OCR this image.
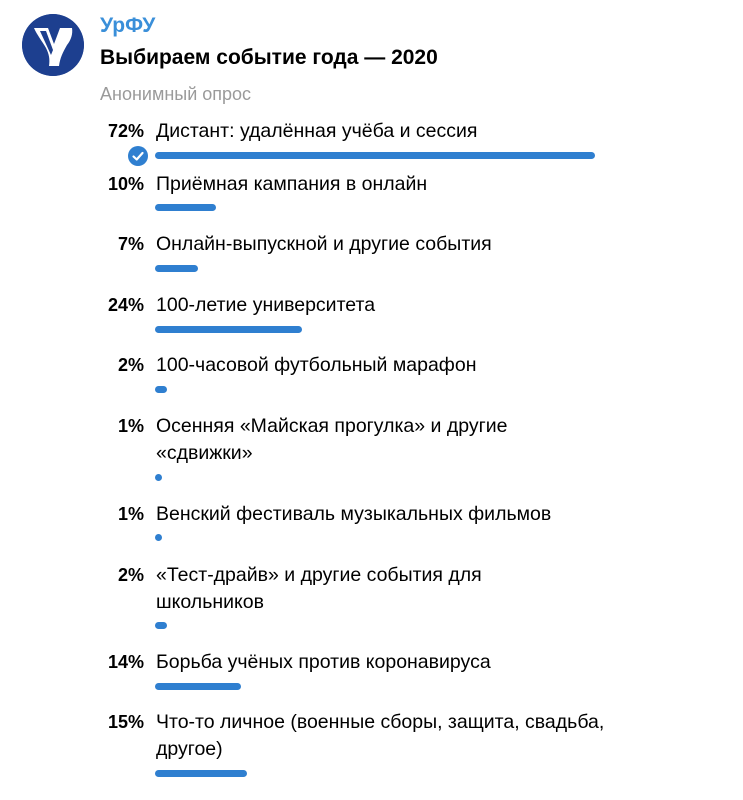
УрФУ
Выбираем событие года — 2020
Анонимный опрос
72% Дистант: удалённая учёба и сессия
10% Приёмная кампания в онлайн
7% Онлайн-выпускной и другие события
24% 100-летие университета
2% 100-часовой футбольный марафон
1% Осенняя «Майская прогулка» и другие «сдвижки»
1% Венский фестиваль музыкальных фильмов
2% «Тест-драйв» и другие события для школьников
14% Борьба учёных против коронавируса
15% Что-то личное (военные сборы, защита, свадьба, другое)
